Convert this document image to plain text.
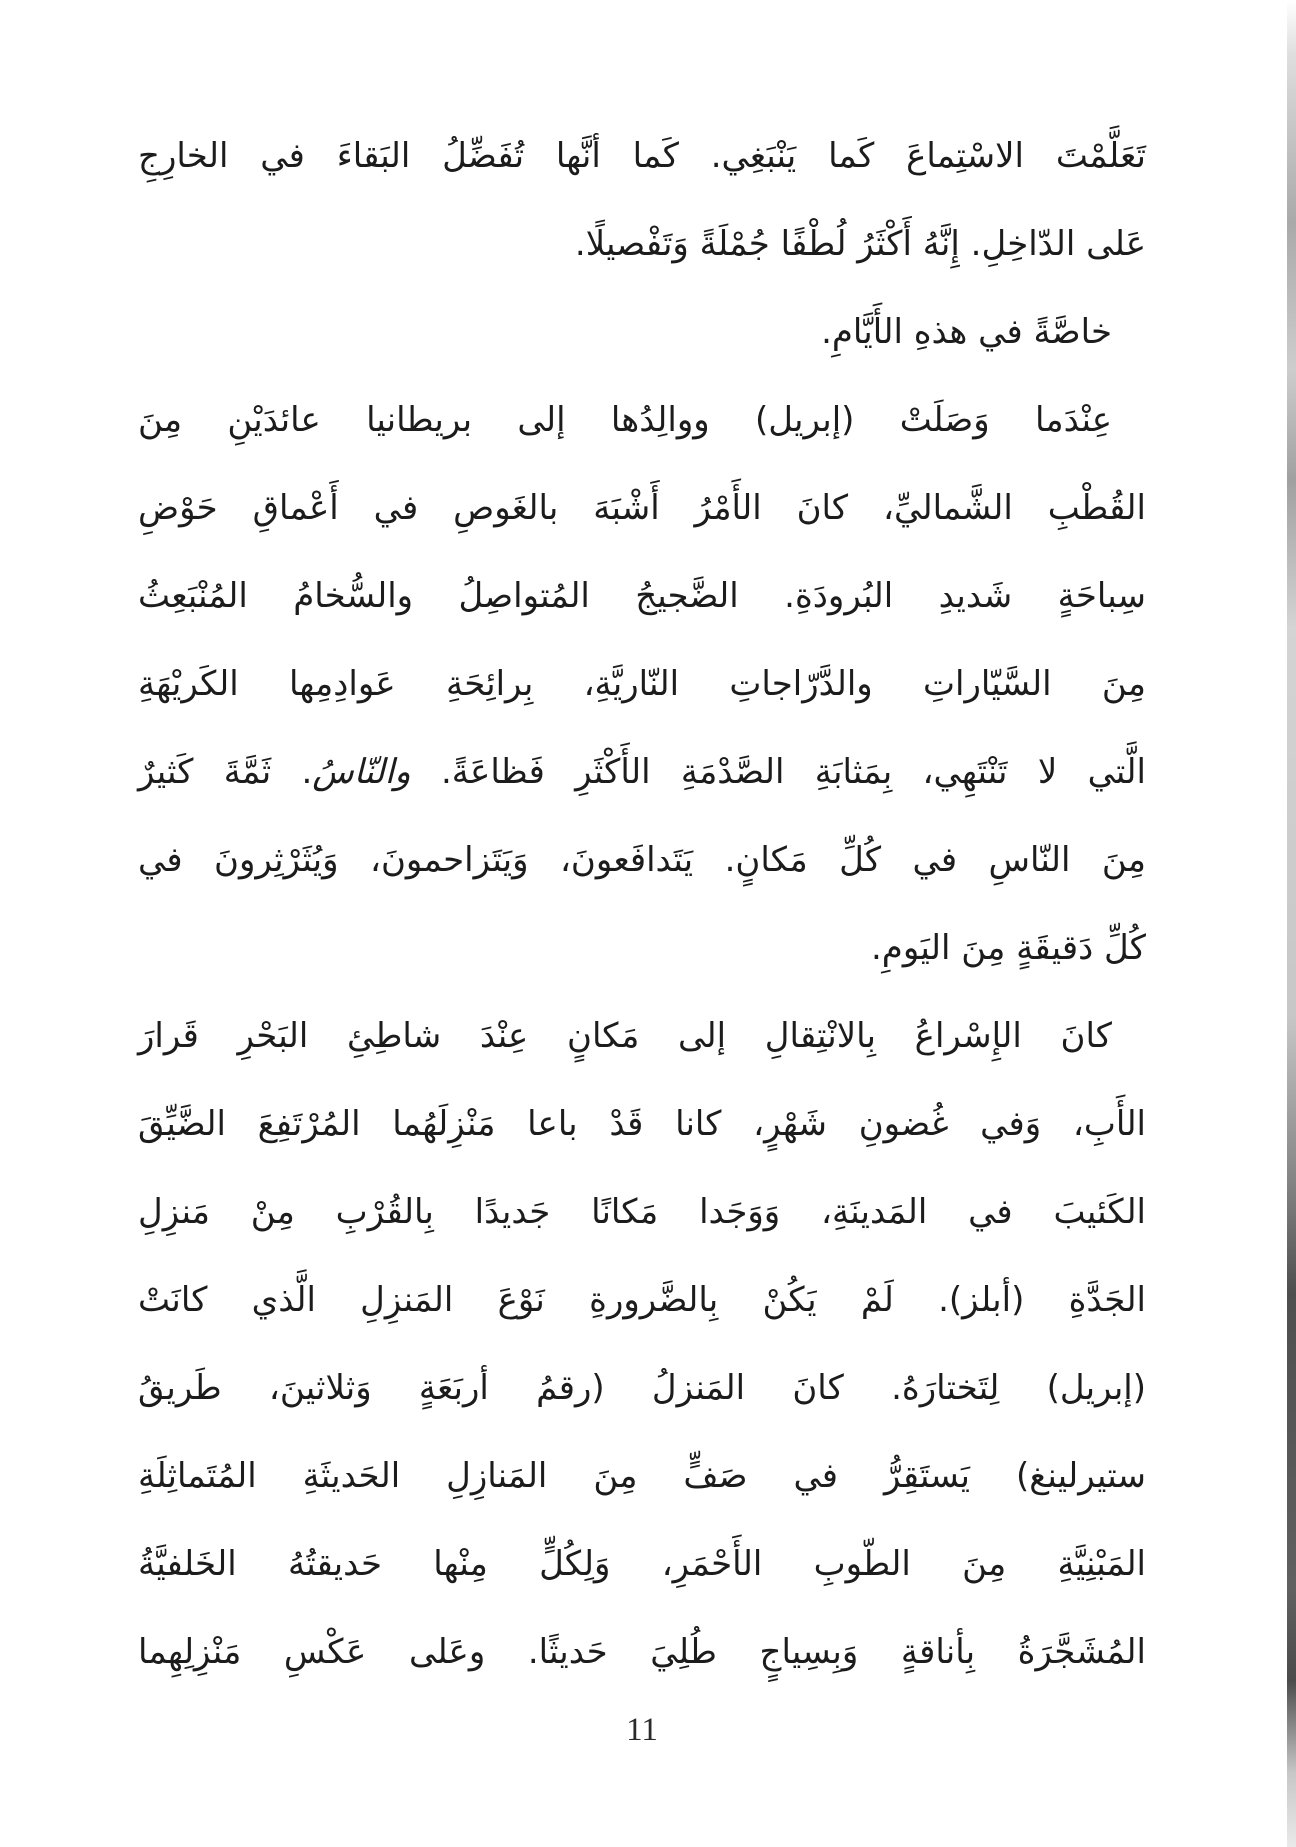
تَعَلَّمْتَ الاسْتِماعَ كَما يَنْبَغِي. كَما أنَّها تُفَضِّلُ البَقاءَ في الخارِجِ
عَلى الدّاخِلِ. إِنَّهُ أَكْثَرُ لُطْفًا جُمْلَةً وَتَفْصيلًا.
خاصَّةً في هذهِ الأَيَّامِ.
عِنْدَما وَصَلَتْ (إبريل) ووالِدُها إلى بريطانيا عائدَيْنِ مِنَ
القُطْبِ الشَّماليِّ، كانَ الأَمْرُ أَشْبَهَ بالغَوصِ في أَعْماقِ حَوْضِ
سِباحَةٍ شَديدِ البُرودَةِ. الضَّجيجُ المُتواصِلُ والسُّخامُ المُنْبَعِثُ
مِنَ السَّيّاراتِ والدَّرّاجاتِ النّاريَّةِ، بِرائِحَةِ عَوادِمِها الكَريْهَةِ
الَّتي لا تَنْتَهِي، بِمَثابَةِ الصَّدْمَةِ الأَكْثَرِ فَظاعَةً. والنّاسُ. ثَمَّةَ كَثيرٌ
مِنَ النّاسِ في كُلِّ مَكانٍ. يَتَدافَعونَ، وَيَتَزاحمونَ، وَيُثَرْثِرونَ في
كُلِّ دَقيقَةٍ مِنَ اليَومِ.
كانَ الإِسْراعُ بِالانْتِقالِ إلى مَكانٍ عِنْدَ شاطِئِ البَحْرِ قَرارَ
الأَبِ، وَفي غُضونِ شَهْرٍ، كانا قَدْ باعا مَنْزِلَهُما المُرْتَفِعَ الضَّيِّقَ
الكَئيبَ في المَدينَةِ، وَوَجَدا مَكانًا جَديدًا بِالقُرْبِ مِنْ مَنزِلِ
الجَدَّةِ (أبلز). لَمْ يَكُنْ بِالضَّرورةِ نَوْعَ المَنزِلِ الَّذي كانَتْ
(إبريل) لِتَختارَهُ. كانَ المَنزلُ (رقمُ أربَعَةٍ وَثلاثينَ، طَريقُ
ستيرلينغ) يَستَقِرُّ في صَفٍّ مِنَ المَنازِلِ الحَديثَةِ المُتَماثِلَةِ
المَبْنِيَّةِ مِنَ الطّوبِ الأَحْمَرِ، وَلِكُلٍّ مِنْها حَديقتُهُ الخَلفيَّةُ
المُشَجَّرَةُ بِأناقةٍ وَبِسِياجٍ طُلِيَ حَديثًا. وعَلى عَكْسِ مَنْزِلِهِما
11
